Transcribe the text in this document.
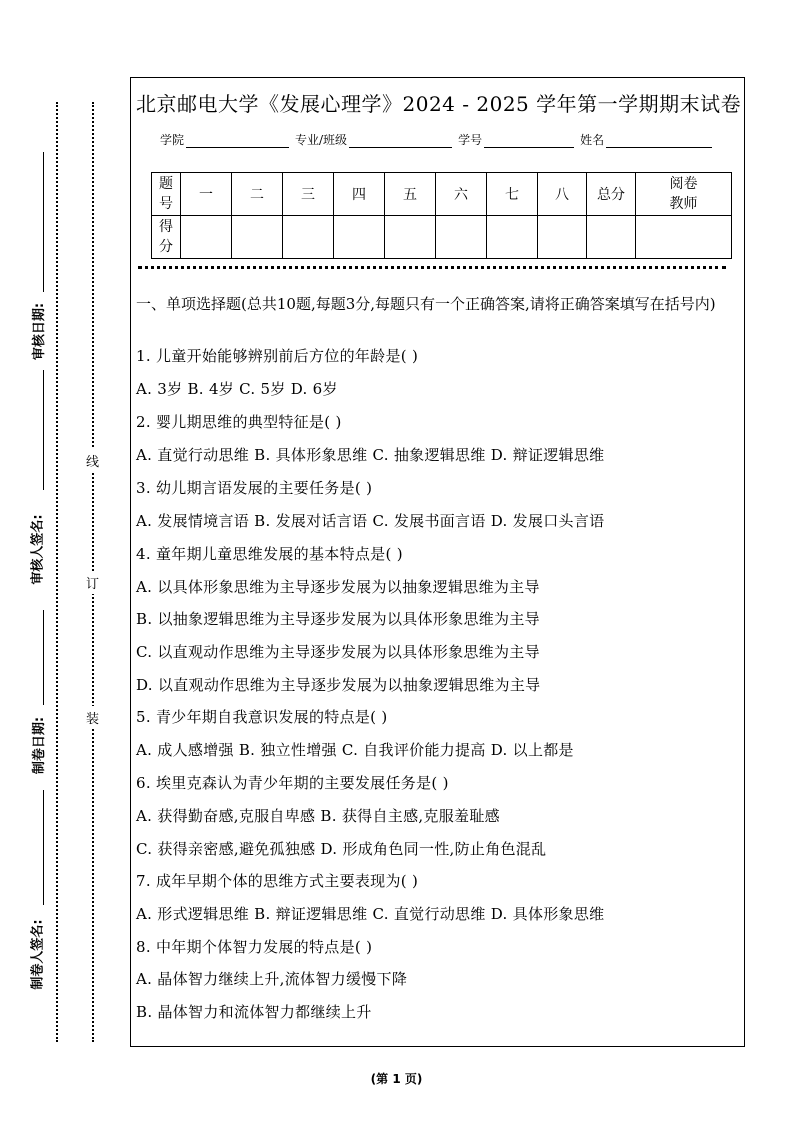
审核日期:
审核人签名:
制卷日期:
制卷人签名:
线
订
装
北京邮电大学《发展心理学》2024 - 2025 学年第一学期期末试卷
学院	专业/班级	学号	姓名
题号	一	二	三	四	五	六	七	八	总分	阅卷教师
得分										
一、单项选择题(总共10题,每题3分,每题只有一个正确答案,请将正确答案填写在括号内)
1. 儿童开始能够辨别前后方位的年龄是( )
A. 3岁 B. 4岁 C. 5岁 D. 6岁
2. 婴儿期思维的典型特征是( )
A. 直觉行动思维 B. 具体形象思维 C. 抽象逻辑思维 D. 辩证逻辑思维
3. 幼儿期言语发展的主要任务是( )
A. 发展情境言语 B. 发展对话言语 C. 发展书面言语 D. 发展口头言语
4. 童年期儿童思维发展的基本特点是( )
A. 以具体形象思维为主导逐步发展为以抽象逻辑思维为主导
B. 以抽象逻辑思维为主导逐步发展为以具体形象思维为主导
C. 以直观动作思维为主导逐步发展为以具体形象思维为主导
D. 以直观动作思维为主导逐步发展为以抽象逻辑思维为主导
5. 青少年期自我意识发展的特点是( )
A. 成人感增强 B. 独立性增强 C. 自我评价能力提高 D. 以上都是
6. 埃里克森认为青少年期的主要发展任务是( )
A. 获得勤奋感,克服自卑感 B. 获得自主感,克服羞耻感
C. 获得亲密感,避免孤独感 D. 形成角色同一性,防止角色混乱
7. 成年早期个体的思维方式主要表现为( )
A. 形式逻辑思维 B. 辩证逻辑思维 C. 直觉行动思维 D. 具体形象思维
8. 中年期个体智力发展的特点是( )
A. 晶体智力继续上升,流体智力缓慢下降
B. 晶体智力和流体智力都继续上升
(第 1 页)
